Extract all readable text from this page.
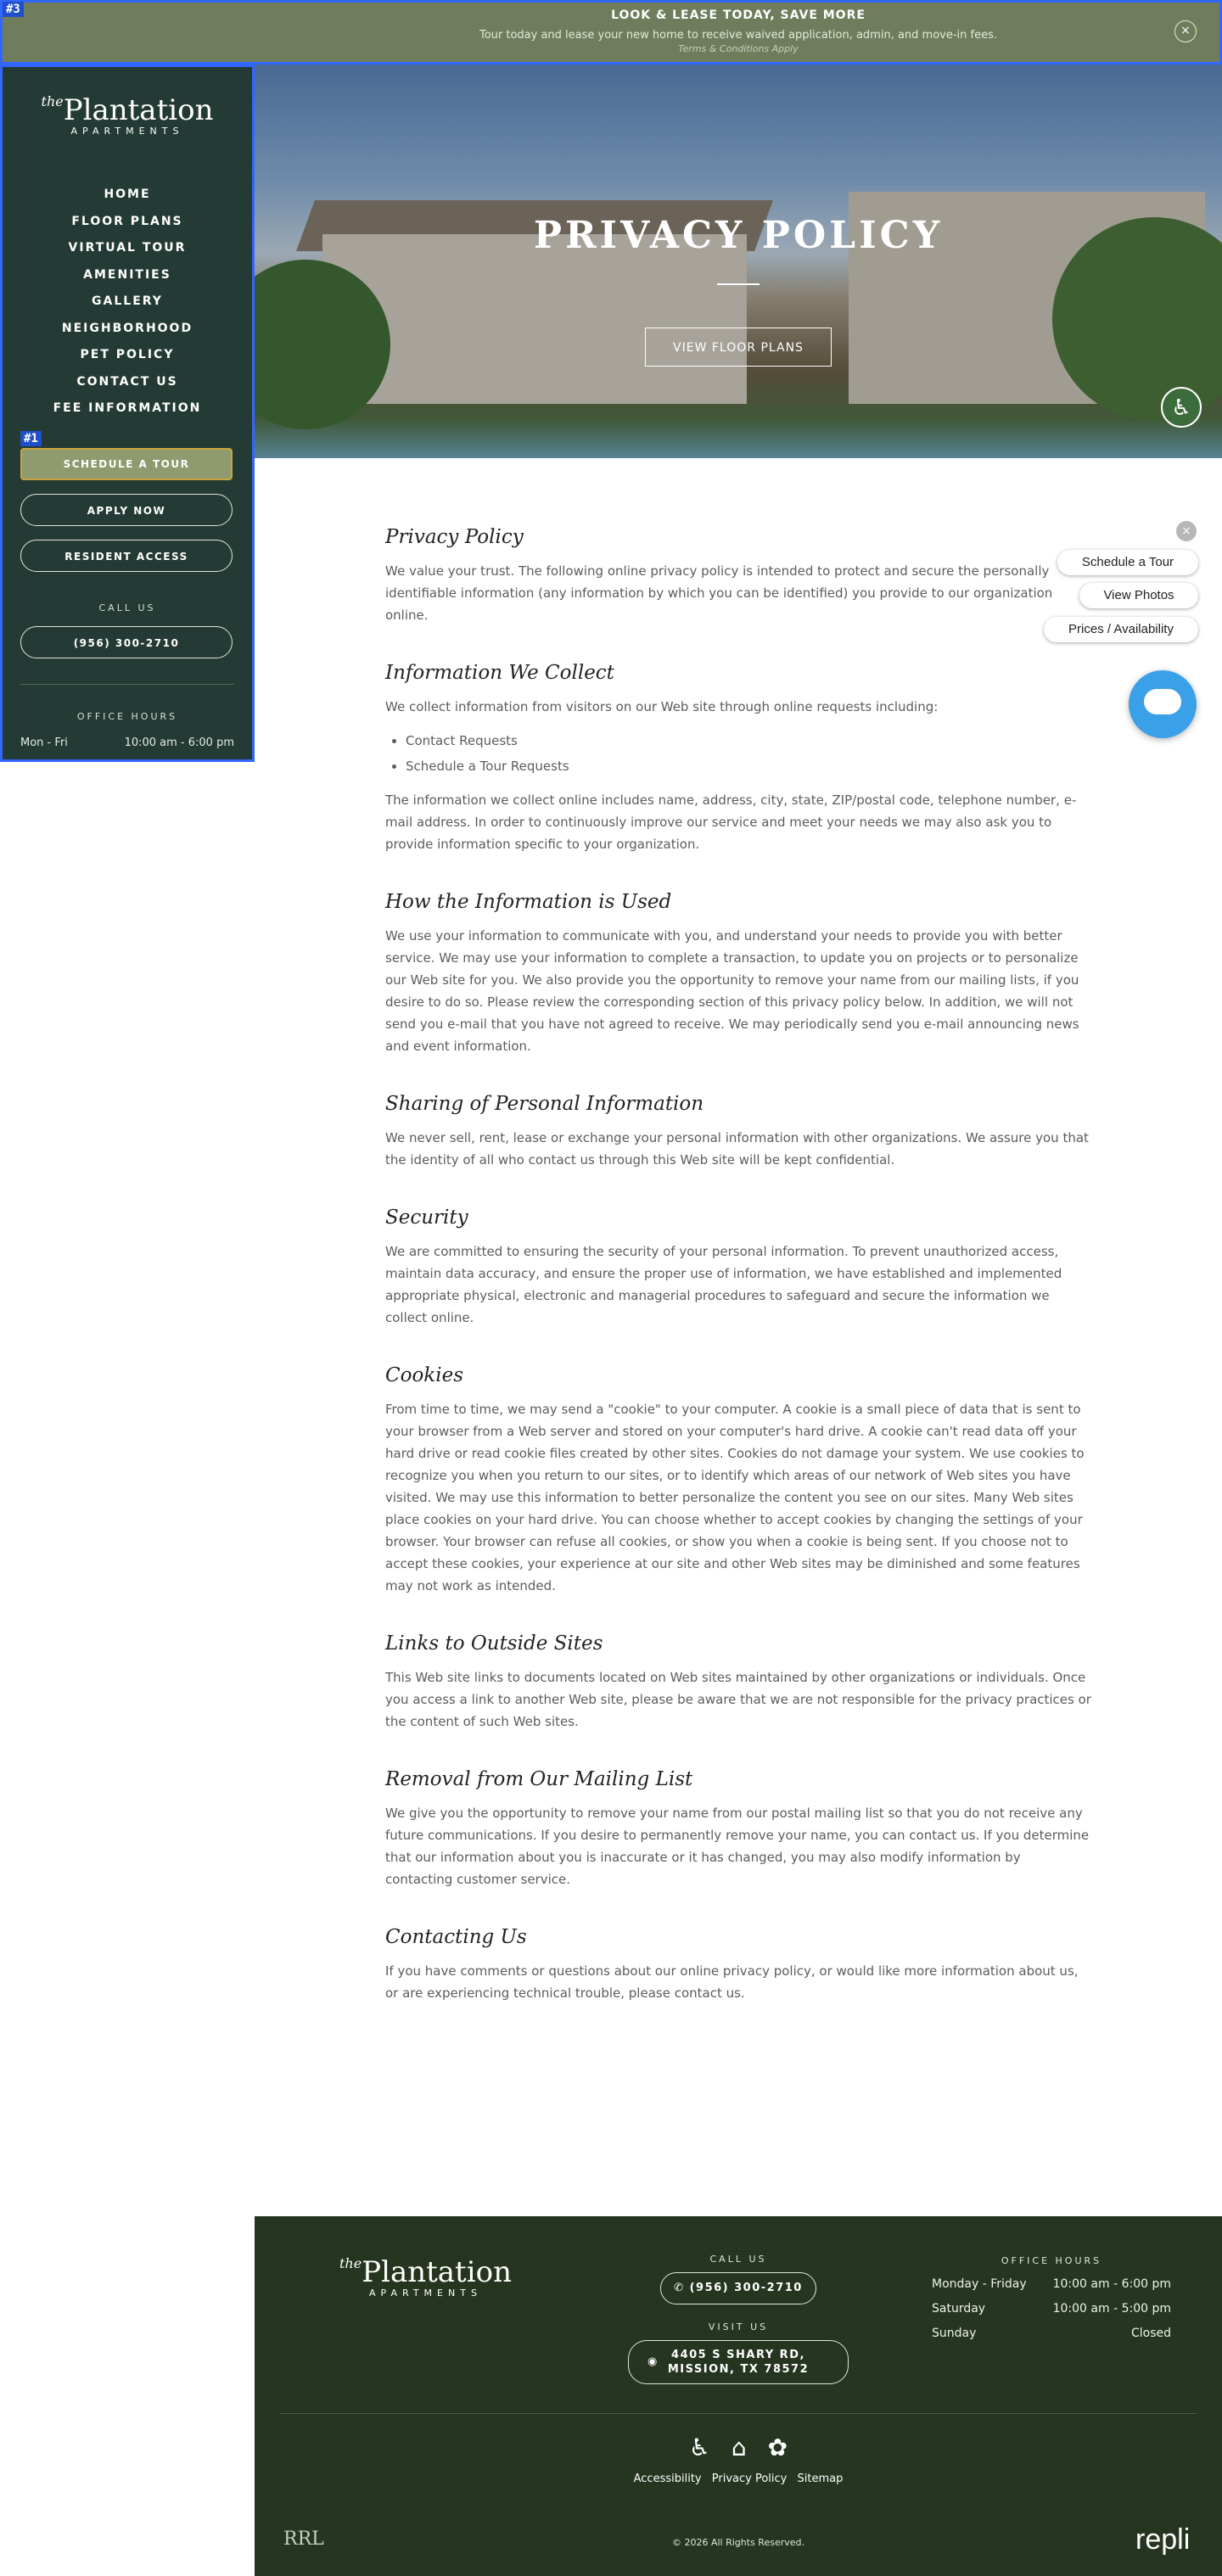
#3	LOOK & LEASE TODAY, SAVE MORE
Tour today and lease your new home to receive waived application, admin, and move-in fees.
Terms & Conditions Apply
×
$^{the}$Plantation
APARTMENTS
HOME
FLOOR PLANS
VIRTUAL TOUR
AMENITIES
GALLERY
NEIGHBORHOOD
PET POLICY
CONTACT US
FEE INFORMATION
#1
SCHEDULE A TOUR
APPLY NOW
RESIDENT ACCESS
CALL US
(956) 300-2710
OFFICE HOURS
Mon - Fri	10:00 am - 6:00 pm
PRIVACY POLICY
VIEW FLOOR PLANS
♿
×
Schedule a Tour
View Photos
Prices / Availability
Privacy Policy

We value your trust. The following online privacy policy is intended to protect and secure the personally identifiable information (any information by which you can be identified) you provide to our organization online.

Information We Collect

We collect information from visitors on our Web site through online requests including:

• Contact Requests
• Schedule a Tour Requests

The information we collect online includes name, address, city, state, ZIP/postal code, telephone number, e-mail address. In order to continuously improve our service and meet your needs we may also ask you to provide information specific to your organization.

How the Information is Used

We use your information to communicate with you, and understand your needs to provide you with better service. We may use your information to complete a transaction, to update you on projects or to personalize our Web site for you. We also provide you the opportunity to remove your name from our mailing lists, if you desire to do so. Please review the corresponding section of this privacy policy below. In addition, we will not send you e-mail that you have not agreed to receive. We may periodically send you e-mail announcing news and event information.

Sharing of Personal Information

We never sell, rent, lease or exchange your personal information with other organizations. We assure you that the identity of all who contact us through this Web site will be kept confidential.

Security

We are committed to ensuring the security of your personal information. To prevent unauthorized access, maintain data accuracy, and ensure the proper use of information, we have established and implemented appropriate physical, electronic and managerial procedures to safeguard and secure the information we collect online.

Cookies

From time to time, we may send a "cookie" to your computer. A cookie is a small piece of data that is sent to your browser from a Web server and stored on your computer's hard drive. A cookie can't read data off your hard drive or read cookie files created by other sites. Cookies do not damage your system. We use cookies to recognize you when you return to our sites, or to identify which areas of our network of Web sites you have visited. We may use this information to better personalize the content you see on our sites. Many Web sites place cookies on your hard drive. You can choose whether to accept cookies by changing the settings of your browser. Your browser can refuse all cookies, or show you when a cookie is being sent. If you choose not to accept these cookies, your experience at our site and other Web sites may be diminished and some features may not work as intended.

Links to Outside Sites

This Web site links to documents located on Web sites maintained by other organizations or individuals. Once you access a link to another Web site, please be aware that we are not responsible for the privacy practices or the content of such Web sites.

Removal from Our Mailing List

We give you the opportunity to remove your name from our postal mailing list so that you do not receive any future communications. If you desire to permanently remove your name, you can contact us. If you determine that our information about you is inaccurate or it has changed, you may also modify information by contacting customer service.

Contacting Us

If you have comments or questions about our online privacy policy, or would like more information about us, or are experiencing technical trouble, please contact us.

$^{the}$Plantation
APARTMENTS
CALL US
✆ (956) 300-2710
VISIT US
◉
4405 S SHARY RD,
MISSION, TX 78572
OFFICE HOURS
Monday - Friday 10:00 am - 6:00 pm
Saturday	10:00 am - 5:00 pm
Sunday	Closed
♿ ⌂ ✿
Accessibility Privacy Policy Sitemap
RRL	© 2026 All Rights Reserved.	repli
